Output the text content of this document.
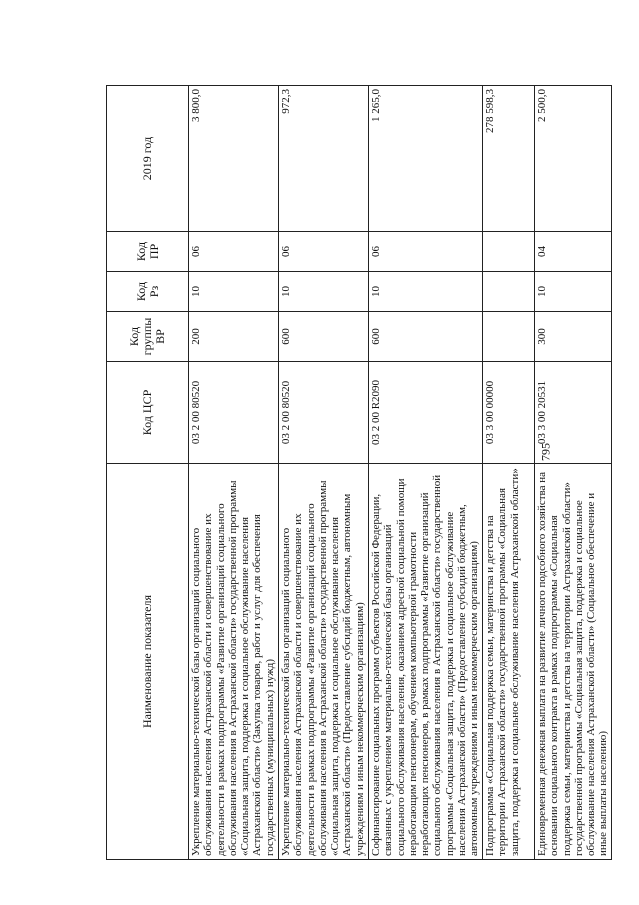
795
Наименование показателя	Код ЦСР	Код группы ВР	Код Рз	Код ПР	2019 год
Укрепление материально-технической базы организаций социального обслуживания населения Астраханской области и совершенствование их деятельности в рамках подпрограммы «Развитие организаций социального обслуживания населения в Астраханской области» государственной программы «Социальная защита, поддержка и социальное обслуживание населения Астраханской области» (Закупка товаров, работ и услуг для обеспечения государственных (муниципальных) нужд)	03 2 00 80520	200	10	06	3 800,0
Укрепление материально-технической базы организаций социального обслуживания населения Астраханской области и совершенствование их деятельности в рамках подпрограммы «Развитие организаций социального обслуживания населения в Астраханской области» государственной программы «Социальная защита, поддержка и социальное обслуживание населения Астраханской области» (Предоставление субсидий бюджетным, автономным учреждениям и иным некоммерческим организациям)	03 2 00 80520	600	10	06	972,3
Софинансирование социальных программ субъектов Российской Федерации, связанных с укреплением материально-технической базы организаций социального обслуживания населения, оказанием адресной социальной помощи неработающим пенсионерам, обучением компьютерной грамотности неработающих пенсионеров, в рамках подпрограммы «Развитие организаций социального обслуживания населения в Астраханской области» государственной программы «Социальная защита, поддержка и социальное обслуживание населения Астраханской области» (Предоставление субсидий бюджетным, автономным учреждениям и иным некоммерческим организациям)	03 2 00 R2090	600	10	06	1 265,0
Подпрограмма «Социальная поддержка семьи, материнства и детства на территории Астраханской области» государственной программы «Социальная защита, поддержка и социальное обслуживание населения Астраханской области»	03 3 00 00000				278 598,3
Единовременная денежная выплата на развитие личного подсобного хозяйства на основании социального контракта в рамках подпрограммы «Социальная поддержка семьи, материнства и детства на территории Астраханской области» государственной программы «Социальная защита, поддержка и социальное обслуживание населения Астраханской области» (Социальное обеспечение и иные выплаты населению)	03 3 00 20531	300	10	04	2 500,0
